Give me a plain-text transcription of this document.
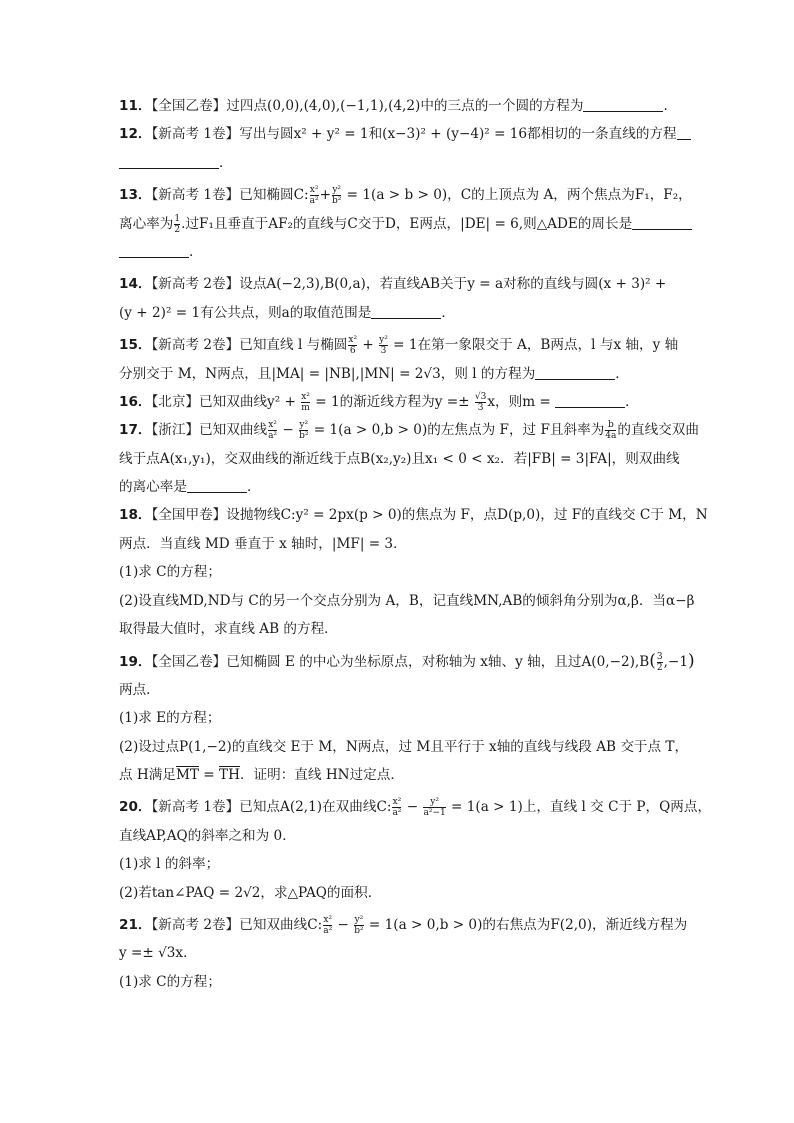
11．【全国乙卷】过四点(0,0),(4,0),(−1,1),(4,2)中的三点的一个圆的方程为	．
12．【新高考 1卷】写出与圆x² + y² = 1和(x−3)² + (y−4)² = 16都相切的一条直线的方程
．
13．【新高考 1卷】已知椭圆C: $\frac{\text{x²}}{\text{a²}} + \frac{\text{y²}}{\text{b²}} = 1(a > b > 0)$，C的上顶点为 A，两个焦点为F₁，F₂，
离心率为 $\frac{1}{2}$ .过F₁且垂直于AF₂的直线与C交于D，E两点，|DE| = 6,则△ADE的周长是
.
14．【新高考 2卷】设点A(−2,3),B(0,a)，若直线AB关于y = a对称的直线与圆(x + 3)² +
(y + 2)² = 1有公共点，则a的取值范围是	．
15．【新高考 2卷】已知直线 l 与椭圆 $\frac{\text{x²}}{6} + \frac{\text{y²}}{3} = 1$在第一象限交于 A，B两点，l 与x 轴，y 轴
分别交于 M，N两点，且|MA| = |NB|,|MN| = 2√3，则 l 的方程为	．
16．【北京】已知双曲线$y^2 + \frac{\text{x²}}{m} = 1$的渐近线方程为$y =\pm \frac{√3}{3}$ x，则m =	．
17．【浙江】已知双曲线 $\frac{\text{x²}}{\text{a²}} - \frac{\text{y²}}{\text{b²}} = 1(a > 0,b > 0)$的左焦点为 F，过 F且斜率为 $\frac{b}{4a}$ 的直线交双曲
线于点A(x₁,y₁)，交双曲线的渐近线于点B(x₂,y₂)且x₁ < 0 < x₂．若|FB| = 3|FA|，则双曲线
的离心率是	．
18．【全国甲卷】设抛物线C:y² = 2px(p > 0)的焦点为 F，点D(p,0)，过 F的直线交 C于 M，N
两点．当直线 MD 垂直于 x 轴时，|MF| = 3．
(1)求 C的方程；
(2)设直线MD,ND与 C的另一个交点分别为 A，B，记直线MN,AB的倾斜角分别为α,β．当α−β
取得最大值时，求直线 AB 的方程．
19．【全国乙卷】已知椭圆 E 的中心为坐标原点，对称轴为 x轴、y 轴，且过$A(0,-2),B( \frac{3}{2} ,-1)$
两点．
(1)求 E的方程；
(2)设过点P(1,−2)的直线交 E于 M，N两点，过 M且平行于 x轴的直线与线段 AB 交于点 T，
点 H满足MT = TH．证明：直线 HN过定点．
20．【新高考 1卷】已知点A(2,1)在双曲线C: $\frac{\text{x²}}{\text{a²}} - \frac{\text{y²}}{\text{a²−1}} = 1(a > 1)$上，直线 l 交 C于 P，Q两点，
直线AP,AQ的斜率之和为 0．
(1)求 l 的斜率；
(2)若tan∠PAQ = 2√2，求△PAQ的面积．
21．【新高考 2卷】已知双曲线C: $\frac{\text{x²}}{\text{a²}} - \frac{\text{y²}}{\text{b²}} = 1(a > 0,b > 0)$的右焦点为F(2,0)，渐近线方程为
y =± √3x．
(1)求 C的方程；
